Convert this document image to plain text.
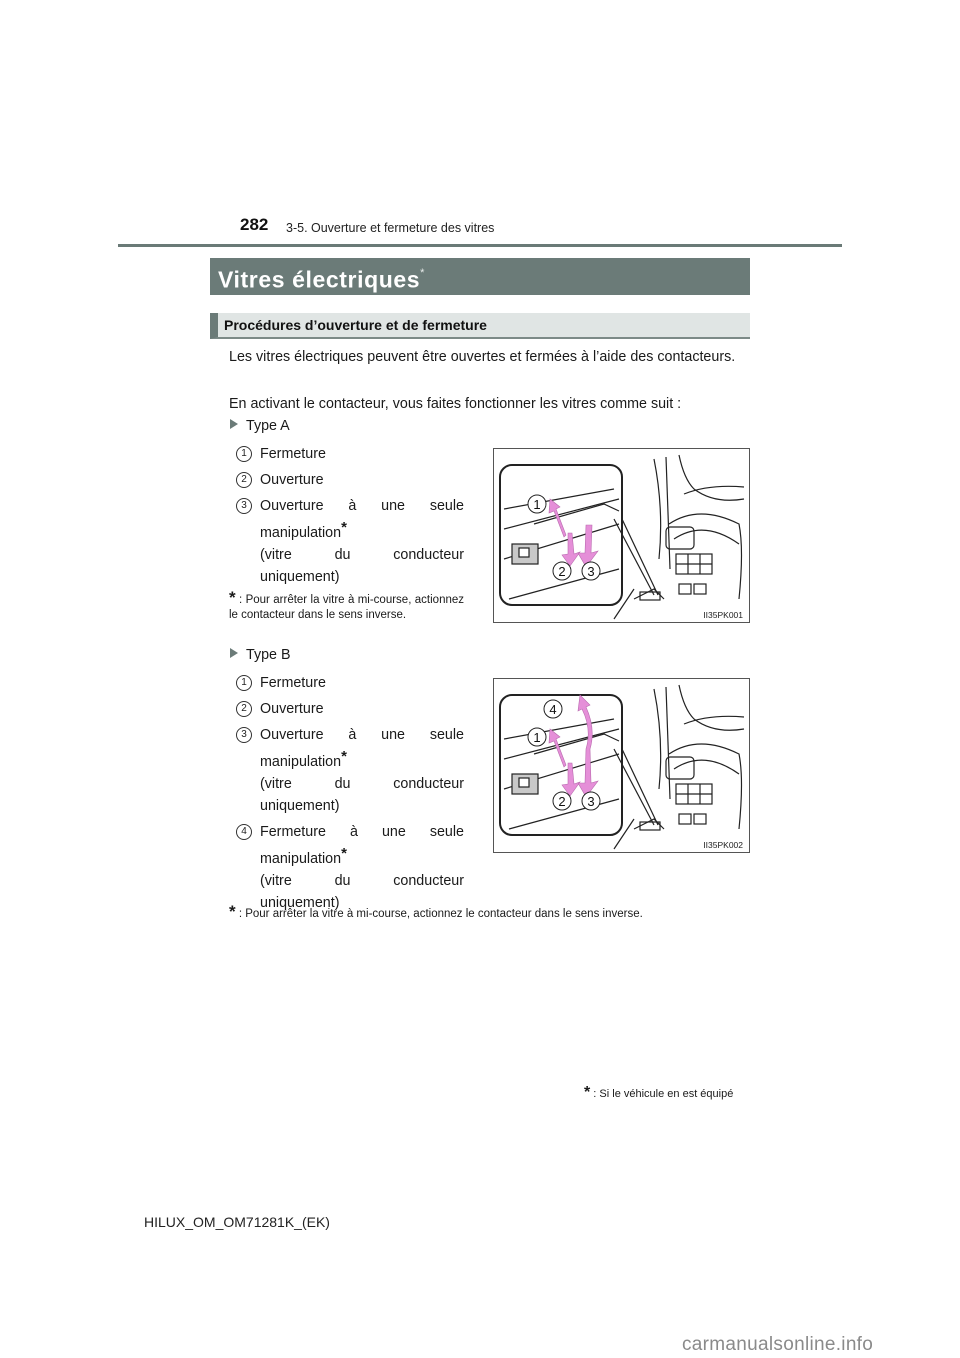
282 3-5. Ouverture et fermeture des vitres
Vitres électriques*
Procédures d’ouverture et de fermeture
Les vitres électriques peuvent être ouvertes et fermées à l’aide des contacteurs.
En activant le contacteur, vous faites fonctionner les vitres comme suit :
Type A
1 Fermeture
2 Ouverture
3 Ouverture à une seule manipulation*
(vitre du conducteur uniquement)
* : Pour arrêter la vitre à mi-course, actionnez le contacteur dans le sens inverse.
1
2 3
II35PK001
Type B
1 Fermeture
2 Ouverture
3 Ouverture à une seule manipulation*
(vitre du conducteur uniquement)
4 Fermeture à une seule manipulation*
(vitre du conducteur uniquement)
1
2 3
4
II35PK002
* : Pour arrêter la vitre à mi-course, actionnez le contacteur dans le sens inverse.
* : Si le véhicule en est équipé
HILUX_OM_OM71281K_(EK)
carmanualsonline.info
